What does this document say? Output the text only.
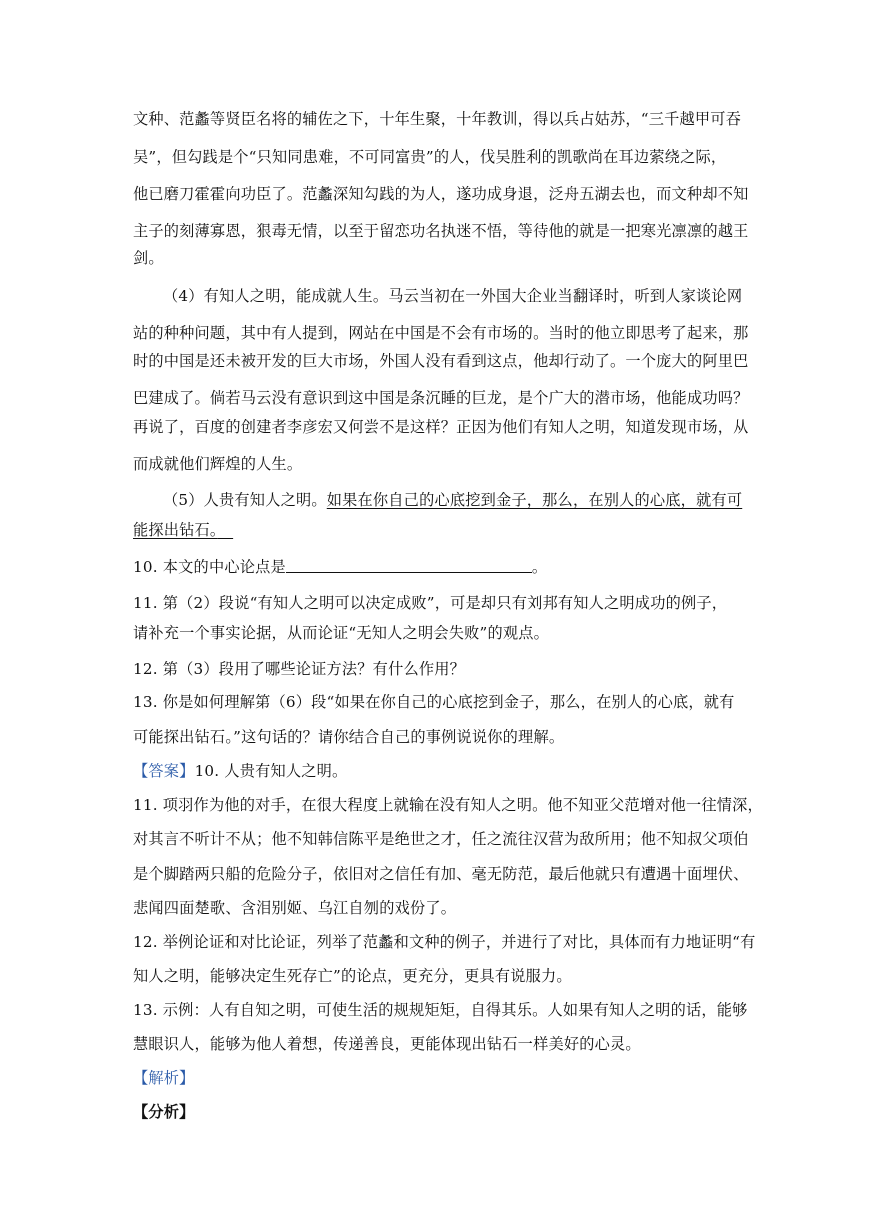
文种、范蠡等贤臣名将的辅佐之下，十年生聚，十年教训，得以兵占姑苏，“三千越甲可吞
吴”，但勾践是个“只知同患难，不可同富贵”的人，伐吴胜利的凯歌尚在耳边萦绕之际，
他已磨刀霍霍向功臣了。范蠡深知勾践的为人，遂功成身退，泛舟五湖去也，而文种却不知
主子的刻薄寡恩，狠毒无情，以至于留恋功名执迷不悟，等待他的就是一把寒光凛凛的越王
剑。
（4）有知人之明，能成就人生。马云当初在一外国大企业当翻译时，听到人家谈论网
站的种种问题，其中有人提到，网站在中国是不会有市场的。当时的他立即思考了起来，那
时的中国是还未被开发的巨大市场，外国人没有看到这点，他却行动了。一个庞大的阿里巴
巴建成了。倘若马云没有意识到这中国是条沉睡的巨龙，是个广大的潜市场，他能成功吗？
再说了，百度的创建者李彦宏又何尝不是这样？正因为他们有知人之明，知道发现市场，从
而成就他们辉煌的人生。
（5）人贵有知人之明。如果在你自己的心底挖到金子，那么，在别人的心底，就有可
能探出钻石。　
10. 本文的中心论点是	。
11. 第（2）段说“有知人之明可以决定成败”，可是却只有刘邦有知人之明成功的例子，
请补充一个事实论据，从而论证“无知人之明会失败”的观点。
12. 第（3）段用了哪些论证方法？有什么作用？
13. 你是如何理解第（6）段“如果在你自己的心底挖到金子，那么，在别人的心底，就有
可能探出钻石。”这句话的？请你结合自己的事例说说你的理解。
【答案】10. 人贵有知人之明。
11. 项羽作为他的对手，在很大程度上就输在没有知人之明。他不知亚父范增对他一往情深，
对其言不听计不从；他不知韩信陈平是绝世之才，任之流往汉营为敌所用；他不知叔父项伯
是个脚踏两只船的危险分子，依旧对之信任有加、毫无防范，最后他就只有遭遇十面埋伏、
悲闻四面楚歌、含泪别姬、乌江自刎的戏份了。
12. 举例论证和对比论证，列举了范蠡和文种的例子，并进行了对比，具体而有力地证明“有
知人之明，能够决定生死存亡”的论点，更充分，更具有说服力。
13. 示例：人有自知之明，可使生活的规规矩矩，自得其乐。人如果有知人之明的话，能够
慧眼识人，能够为他人着想，传递善良，更能体现出钻石一样美好的心灵。
【解析】
【分析】
